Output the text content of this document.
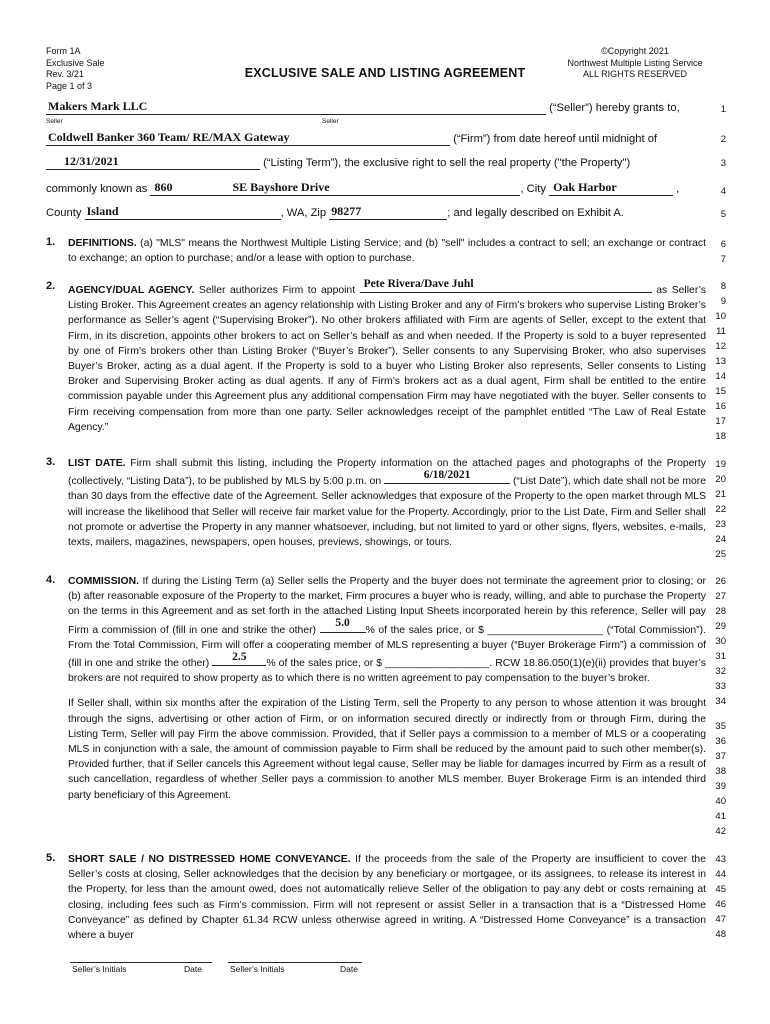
Form 1A
Exclusive Sale
Rev. 3/21
Page 1 of 3
EXCLUSIVE SALE AND LISTING AGREEMENT
©Copyright 2021
Northwest Multiple Listing Service
ALL RIGHTS RESERVED
Makers Mark LLC	(“Seller”) hereby grants to,
Seller	Seller
Coldwell Banker 360 Team/ RE/MAX Gateway	(“Firm”) from date hereof until midnight of
12/31/2021	(“Listing Term”), the exclusive right to sell the real property ("the Property")
commonly known as 860	SE Bayshore Drive	, City Oak Harbor	,
County Island	, WA, Zip 98277	; and legally described on Exhibit A.
1. DEFINITIONS. (a) "MLS" means the Northwest Multiple Listing Service; and (b) "sell" includes a contract to sell; an exchange or contract to exchange; an option to purchase; and/or a lease with option to purchase.
2. AGENCY/DUAL AGENCY. Seller authorizes Firm to appoint
Pete Rivera/Dave Juhl
as Seller’s Listing Broker. This Agreement creates an agency relationship with Listing Broker and any of Firm’s brokers who supervise Listing Broker’s performance as Seller’s agent (“Supervising Broker”). No other brokers affiliated with Firm are agents of Seller, except to the extent that Firm, in its discretion, appoints other brokers to act on Seller’s behalf as and when needed. If the Property is sold to a buyer represented by one of Firm’s brokers other than Listing Broker (“Buyer’s Broker”), Seller consents to any Supervising Broker, who also supervises Buyer’s Broker, acting as a dual agent. If the Property is sold to a buyer who Listing Broker also represents, Seller consents to Listing Broker and Supervising Broker acting as dual agents. If any of Firm’s brokers act as a dual agent, Firm shall be entitled to the entire commission payable under this Agreement plus any additional compensation Firm may have negotiated with the buyer. Seller consents to Firm receiving compensation from more than one party. Seller acknowledges receipt of the pamphlet entitled “The Law of Real Estate Agency.”
3. LIST DATE. Firm shall submit this listing, including the Property information on the attached pages and photographs of the Property (collectively, “Listing Data”), to be published by MLS by 5:00 p.m. on
6/18/2021
(“List Date”), which date shall not be more than 30 days from the effective date of the Agreement. Seller acknowledges that exposure of the Property to the open market through MLS will increase the likelihood that Seller will receive fair market value for the Property. Accordingly, prior to the List Date, Firm and Seller shall not promote or advertise the Property in any manner whatsoever, including, but not limited to yard or other signs, flyers, websites, e-mails, texts, mailers, magazines, newspapers, open houses, previews, showings, or tours.
4. COMMISSION. If during the Listing Term (a) Seller sells the Property and the buyer does not terminate the agreement prior to closing; or (b) after reasonable exposure of the Property to the market, Firm procures a buyer who is ready, willing, and able to purchase the Property on the terms in this Agreement and as set forth in the attached Listing Input Sheets incorporated herein by this reference, Seller will pay Firm a commission of (fill in one and strike the other)
5.0
% of the sales price, or $ ____________________ (“Total Commission”). From the Total Commission, Firm will offer a cooperating member of MLS representing a buyer (“Buyer Brokerage Firm”) a commission of (fill in one and strike the other)
2.5
% of the sales price, or $ __________________. RCW 18.86.050(1)(e)(ii) provides that buyer’s brokers are not required to show property as to which there is no written agreement to pay compensation to the buyer’s broker.
If Seller shall, within six months after the expiration of the Listing Term, sell the Property to any person to whose attention it was brought through the signs, advertising or other action of Firm, or on information secured directly or indirectly from or through Firm, during the Listing Term, Seller will pay Firm the above commission. Provided, that if Seller pays a commission to a member of MLS or a cooperating MLS in conjunction with a sale, the amount of commission payable to Firm shall be reduced by the amount paid to such other member(s). Provided further, that if Seller cancels this Agreement without legal cause, Seller may be liable for damages incurred by Firm as a result of such cancellation, regardless of whether Seller pays a commission to another MLS member. Buyer Brokerage Firm is an intended third party beneficiary of this Agreement.
5. SHORT SALE / NO DISTRESSED HOME CONVEYANCE. If the proceeds from the sale of the Property are insufficient to cover the Seller’s costs at closing, Seller acknowledges that the decision by any beneficiary or mortgagee, or its assignees, to release its interest in the Property, for less than the amount owed, does not automatically relieve Seller of the obligation to pay any debt or costs remaining at closing, including fees such as Firm’s commission. Firm will not represent or assist Seller in a transaction that is a “Distressed Home Conveyance” as defined by Chapter 61.34 RCW unless otherwise agreed in writing. A “Distressed Home Conveyance” is a transaction where a buyer
1
2
3
4
5
6
7
8
9
10
11
12
13
14
15
16
17
18
19
20
21
22
23
24
25
26
27
28
29
30
31
32
33
34
35
36
37
38
39
40
41
42
43
44
45
46
47
48
Seller’s Initials	Date	Seller’s Initials	Date
